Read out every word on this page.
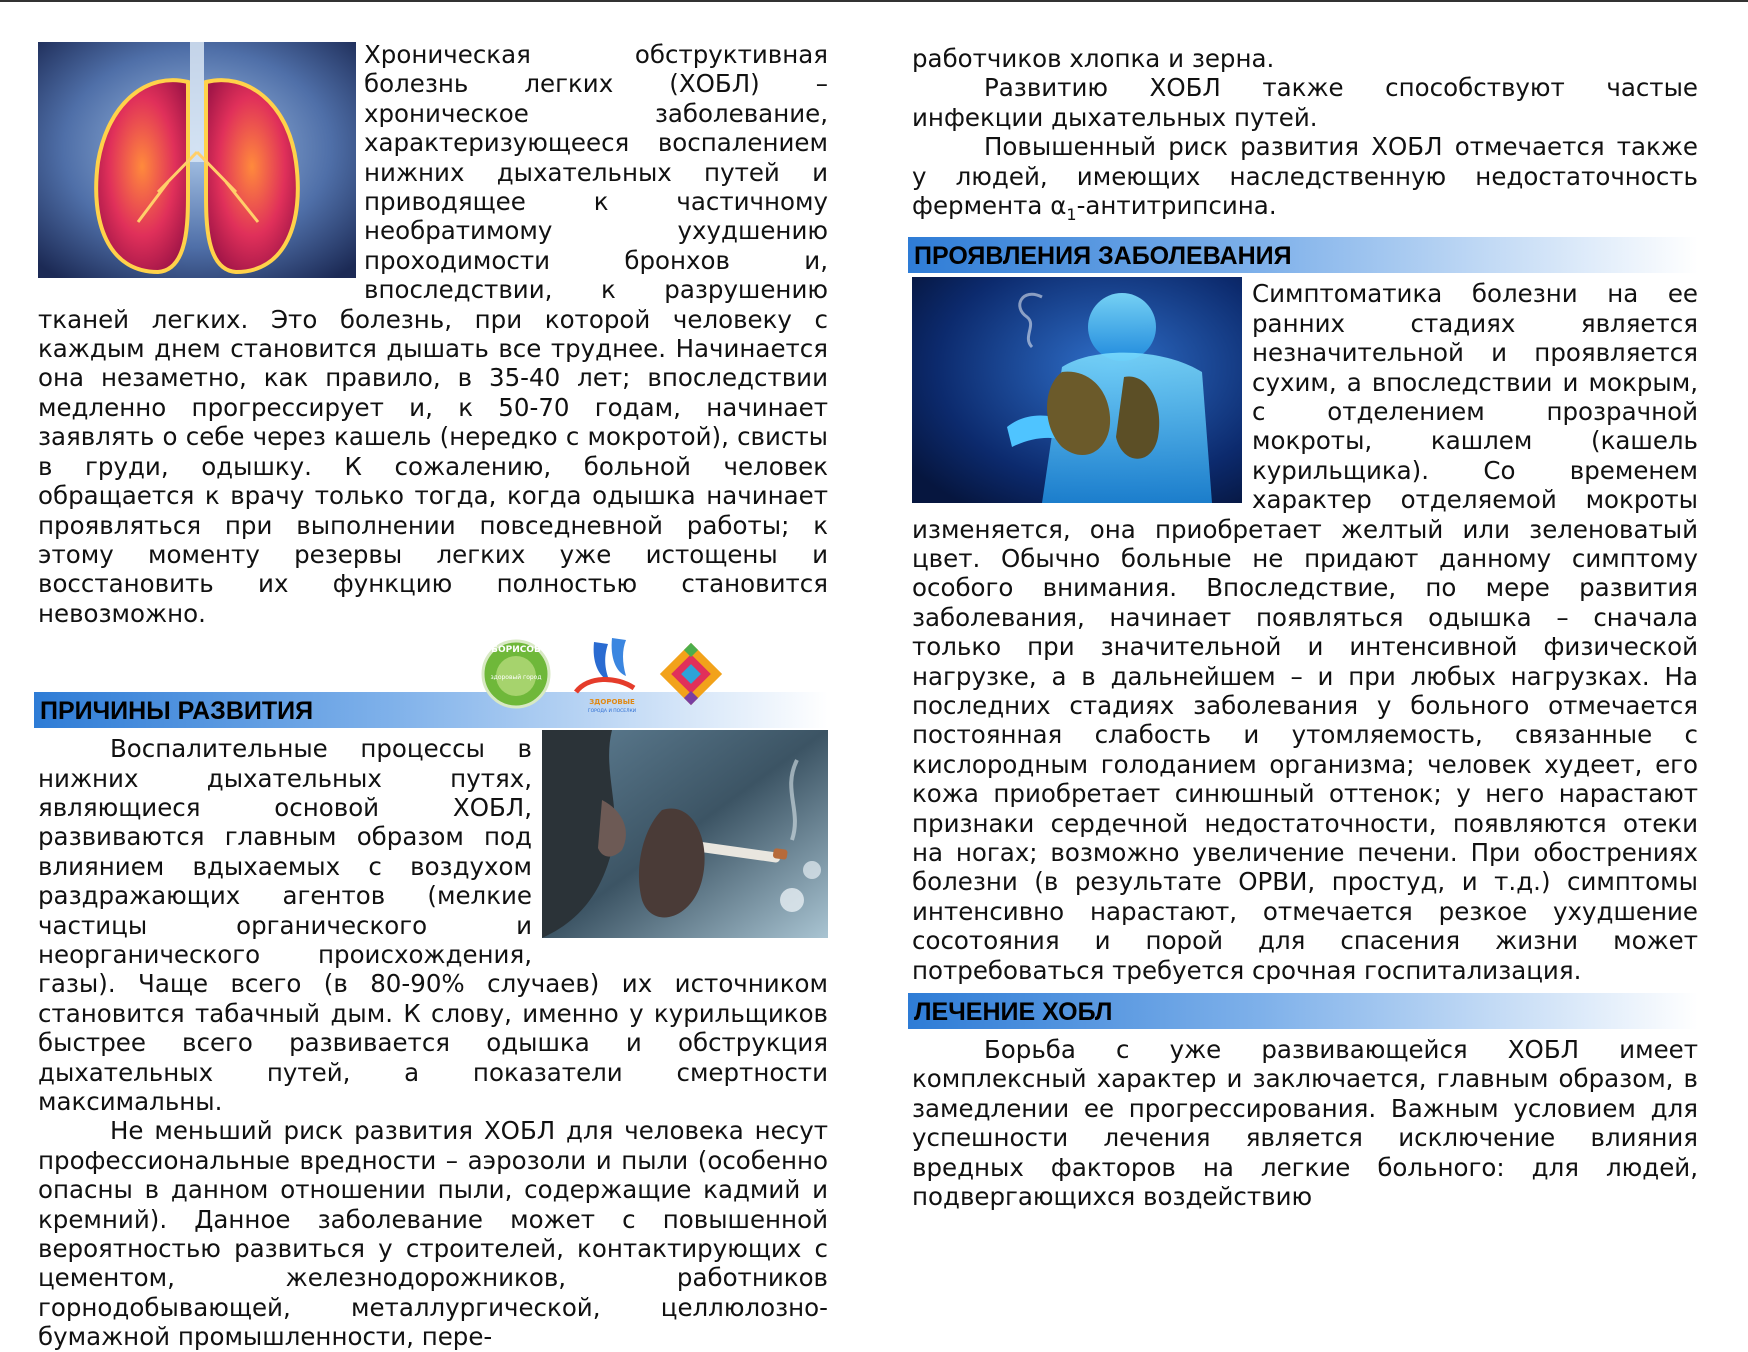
Хроническая обструктивная болезнь легких (ХОБЛ) – хроническое заболевание, характеризующееся воспалением нижних дыхательных путей и приводящее к частичному необратимому ухудшению проходимости бронхов и, впоследствии, к разрушению тканей легких. Это болезнь, при которой человеку с каждым днем становится дышать все труднее. Начинается она незаметно, как правило, в 35-40 лет; впоследствии медленно прогрессирует и, к 50-70 годам, начинает заявлять о себе через кашель (нередко с мокротой), свисты в груди, одышку. К сожалению, больной человек обращается к врачу только тогда, когда одышка начинает проявляться при выполнении повседневной работы; к этому моменту резервы легких уже истощены и восстановить их функцию полностью становится невозможно.

БОРИСОВ
здоровый город
ЗДОРОВЫЕ
ГОРОДА И ПОСЕЛКИ
ПРИЧИНЫ РАЗВИТИЯ

Воспалительные процессы в нижних дыхательных путях, являющиеся основой ХОБЛ, развиваются главным образом под влиянием вдыхаемых с воздухом раздражающих агентов (мелкие частицы органического и неорганического происхождения, газы). Чаще всего (в 80-90% случаев) их источником становится табачный дым. К слову, именно у курильщиков быстрее всего развивается одышка и обструкция дыхательных путей, а показатели смертности максимальны.

Не меньший риск развития ХОБЛ для человека несут профессиональные вредности – аэрозоли и пыли (особенно опасны в данном отношении пыли, содержащие кадмий и кремний). Данное заболевание может с повышенной вероятностью развиться у строителей, контактирующих с цементом, железнодорожников, работников горнодобывающей, металлургической, целлюлозно-бумажной промышленности, пере-

работчиков хлопка и зерна.

Развитию ХОБЛ также способствуют частые инфекции дыхательных путей.

Повышенный риск развития ХОБЛ отмечается также у людей, имеющих наследственную недостаточность фермента $\alpha_1$-антитрипсина.

ПРОЯВЛЕНИЯ ЗАБОЛЕВАНИЯ

Симптоматика болезни на ее ранних стадиях является незначительной и проявляется сухим, а впоследствии и мокрым, с отделением прозрачной мокроты, кашлем (кашель курильщика). Со временем характер отделяемой мокроты изменяется, она приобретает желтый или зеленоватый цвет. Обычно больные не придают данному симптому особого внимания. Впоследствие, по мере развития заболевания, начинает появляться одышка – сначала только при значительной и интенсивной физической нагрузке, а в дальнейшем – и при любых нагрузках. На последних стадиях заболевания у больного отмечается постоянная слабость и утомляемость, связанные с кислородным голоданием организма; человек худеет, его кожа приобретает синюшный оттенок; у него нарастают признаки сердечной недостаточности, появляются отеки на ногах; возможно увеличение печени. При обострениях болезни (в результате ОРВИ, простуд, и т.д.) симптомы интенсивно нарастают, отмечается резкое ухудшение сосотояния и порой для спасения жизни может потребоваться требуется срочная госпитализация.

ЛЕЧЕНИЕ ХОБЛ

Борьба с уже развивающейся ХОБЛ имеет комплексный характер и заключается, главным образом, в замедлении ее прогрессирования. Важным условием для успешности лечения является исключение влияния вредных факторов на легкие больного: для людей, подвергающихся воздействию
